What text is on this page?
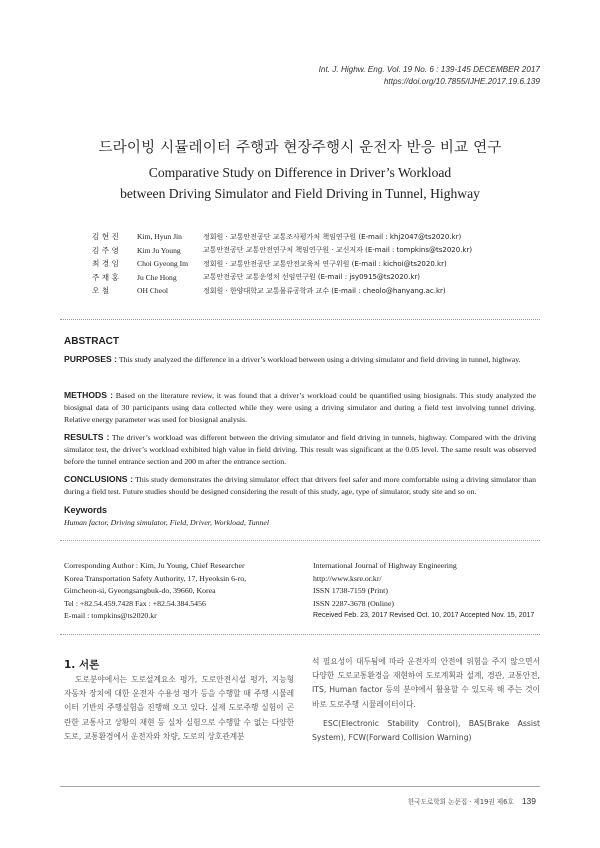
Int. J. Highw. Eng. Vol. 19 No. 6 : 139-145 DECEMBER 2017
https://doi.org/10.7855/IJHE.2017.19.6.139
드라이빙 시뮬레이터 주행과 현장주행시 운전자 반응 비교 연구
Comparative Study on Difference in Driver’s Workload
between Driving Simulator and Field Driving in Tunnel, Highway
김 현 진	Kim, Hyun Jin	정회원 · 교통안전공단 교통조사평가처 책임연구원 (E-mail : khj2047@ts2020.kr)
김 주 영	Kim Ju Young	교통안전공단 교통안전연구처 책임연구원 · 교신저자 (E-mail : tompkins@ts2020.kr)
최 경 임	Choi Gyeong Im	정회원 · 교통안전공단 교통안전교육처 연구위원 (E-mail : kichoi@ts2020.kr)
주 재 홍	Ju Che Hong	교통안전공단 교통운영처 선임연구원 (E-mail : jsy0915@ts2020.kr)
오 철	OH Cheol	정회원 · 한양대학교 교통물류공학과 교수 (E-mail : cheolo@hanyang.ac.kr)
ABSTRACT
PURPOSES : This study analyzed the difference in a driver’s workload between using a driving simulator and field driving in tunnel, highway.
METHODS : Based on the literature review, it was found that a driver’s workload could be quantified using biosignals. This study analyzed the biosignal data of 30 participants using data collected while they were using a driving simulator and during a field test involving tunnel driving. Relative energy parameter was used for biosignal analysis.
RESULTS : The driver’s workload was different between the driving simulator and field driving in tunnels, highway. Compared with the driving simulator test, the driver’s workload exhibited high value in field driving. This result was significant at the 0.05 level. The same result was observed before the tunnel entrance section and 200 m after the entrance section.
CONCLUSIONS : This study demonstrates the driving simulator effect that drivers feel safer and more comfortable using a driving simulator than during a field test. Future studies should be designed considering the result of this study, age, type of simulator, study site and so on.
Keywords
Human factor, Driving simulator, Field, Driver, Workload, Tunnel
Corresponding Author : Kim, Ju Young, Chief Researcher
Korea Transportation Safety Authority, 17, Hyeoksin 6-ro,
Gimcheon-si, Gyeongsangbuk-do, 39660, Korea
Tel : +82.54.459.7428 Fax : +82.54.384.5456
E-mail : tompkins@ts2020.kr
International Journal of Highway Engineering
http://www.ksre.or.kr/
ISSN 1738-7159 (Print)
ISSN 2287-3678 (Online)
Received Feb. 23, 2017 Revised Oct. 10, 2017 Accepted Nov. 15, 2017
1. 서론

도로분야에서는 도로설계요소 평가, 도로안전시설 평가, 지능형 자동차 장치에 대한 운전자 수용성 평가 등을 수행할 때 주행 시뮬레이터 기반의 주행실험을 진행해 오고 있다. 실제 도로주행 실험이 곤란한 교통사고 상황의 재현 등 실차 실험으로 수행할 수 없는 다양한 도로, 교통환경에서 운전자와 차량, 도로의 상호관계분

석 필요성이 대두됨에 따라 운전자의 안전에 위험을 주지 않으면서 다양한 도로교통환경을 재현하여 도로계획과 설계, 경관, 교통안전, ITS, Human factor 등의 분야에서 활용할 수 있도록 해 주는 것이 바로 도로주행 시뮬레이터이다.

ESC(Electronic Stability Control), BAS(Brake Assist System), FCW(Forward Collision Warning)

한국도로학회 논문집 · 제19권 제6호 139
